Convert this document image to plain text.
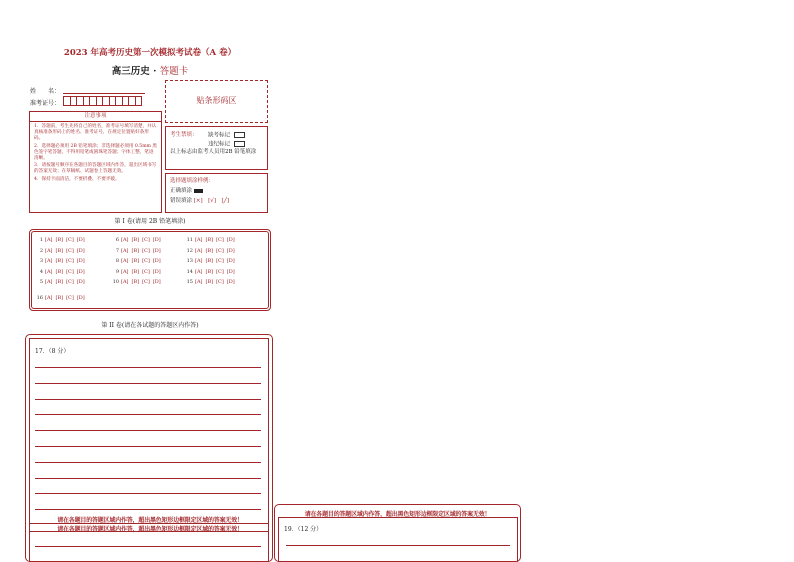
2023 年高考历史第一次模拟考试卷（A 卷）
高三历史 · 答题卡
姓　　名：
准考证号：	贴条形码区
注意事项

1．答题前，考生先将自己的姓名，准考证号填写清楚，并认真核准条形码上的姓名、准考证号，在规定位置贴好条形码。

2．选择题必须用 2B 铅笔填涂；非选择题必须用 0.5mm 黑色签字笔答题，不得用铅笔或圆珠笔答题；字体工整、笔迹清晰。

3．请按题号顺序在各题目的答题区域内作答，超出区域书写的答案无效；在草稿纸、试题卷上答题无效。

4．保持卡面清洁，不要折叠、不要弄破。

考生禁填： 缺考标记
违纪标记
以上标志由监考人员用2B 铅笔填涂
选择题填涂样例：
正确填涂
错误填涂 [×]　[√]　[╱]
第 I 卷(请用 2B 铅笔填涂)
1 [A] [B] [C] [D]
2 [A] [B] [C] [D]
3 [A] [B] [C] [D]
4 [A] [B] [C] [D]
5 [A] [B] [C] [D]
6 [A] [B] [C] [D]
7 [A] [B] [C] [D]
8 [A] [B] [C] [D]
9 [A] [B] [C] [D]
10 [A] [B] [C] [D]
11 [A] [B] [C] [D]
12 [A] [B] [C] [D]
13 [A] [B] [C] [D]
14 [A] [B] [C] [D]
15 [A] [B] [C] [D]
16 [A] [B] [C] [D]
第 II 卷(请在各试题的答题区内作答)
17．（8 分）
请在各题目的答题区域内作答，超出黑色矩形边框限定区域的答案无效！
请在各题目的答题区域内作答，超出黑色矩形边框限定区域的答案无效！
请在各题目的答题区域内作答，超出黑色矩形边框限定区域的答案无效！
19．（12 分）
